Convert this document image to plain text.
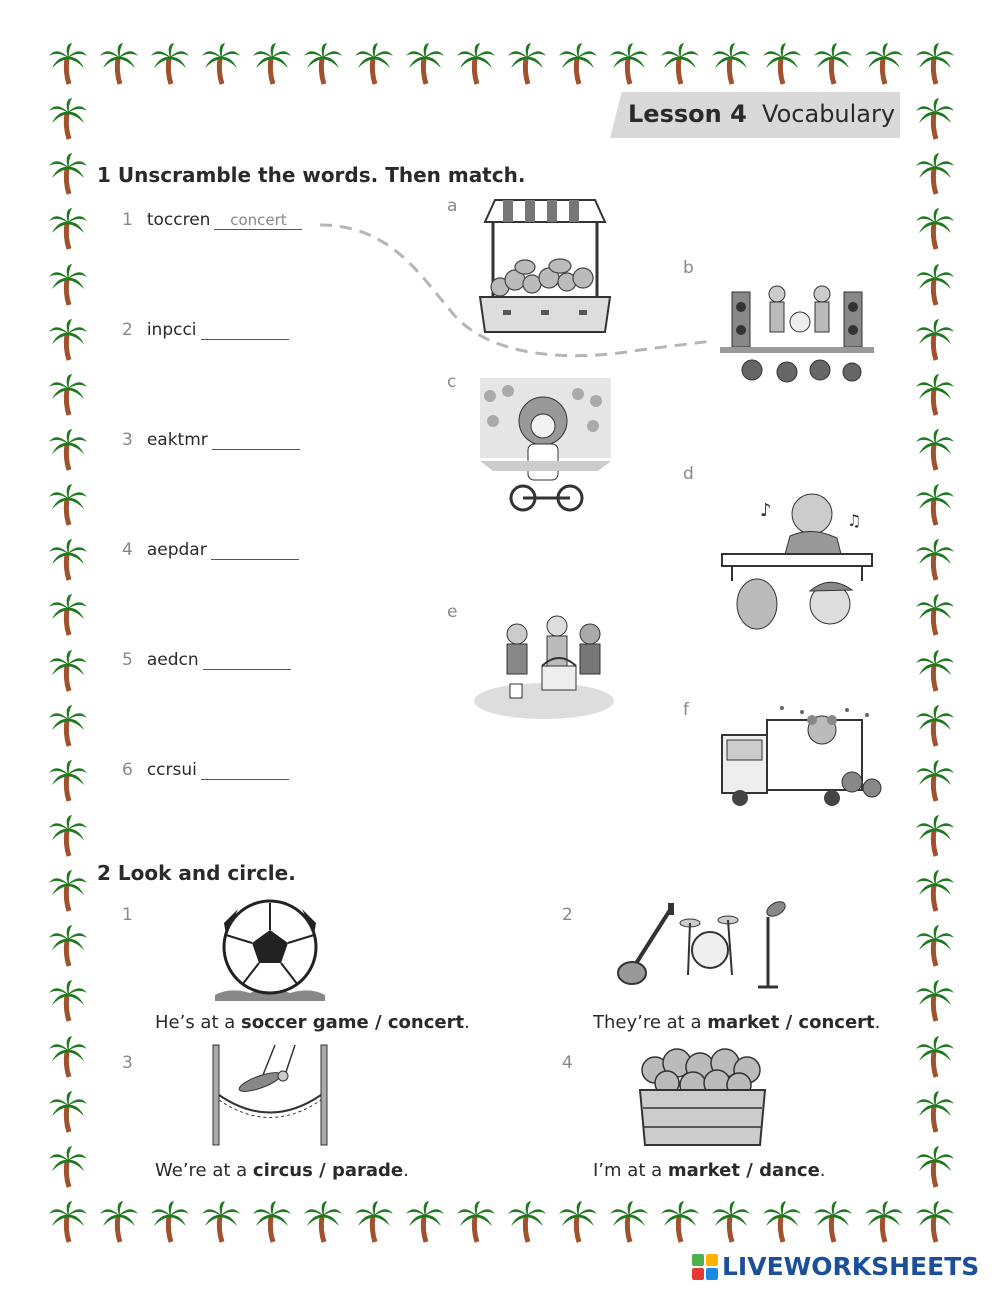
Lesson 4 Vocabulary
1 Unscramble the words. Then match.
1 toccren concert
2 inpcci
3 eaktmr
4 aepdar
5 aedcn
6 ccrsui
a
b
c
d
e
f
♪	♫
2 Look and circle.
1	2
3	4
He’s at a soccer game / concert.	They’re at a market / concert.
We’re at a circus / parade.	I’m at a market / dance.
LIVEWORKSHEETS
